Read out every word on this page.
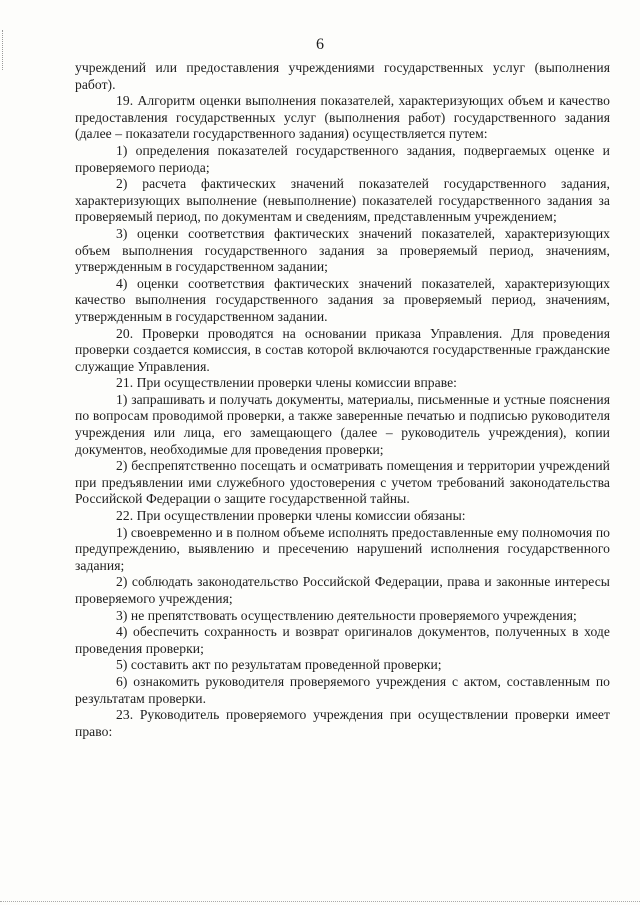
6

учреждений или предоставления учреждениями государственных услуг (выполнения работ).

19. Алгоритм оценки выполнения показателей, характеризующих объем и качество предоставления государственных услуг (выполнения работ) государственного задания (далее – показатели государственного задания) осуществляется путем:

1) определения показателей государственного задания, подвергаемых оценке и проверяемого периода;

2) расчета фактических значений показателей государственного задания, характеризующих выполнение (невыполнение) показателей государственного задания за проверяемый период, по документам и сведениям, представленным учреждением;

3) оценки соответствия фактических значений показателей, характеризующих объем выполнения государственного задания за проверяемый период, значениям, утвержденным в государственном задании;

4) оценки соответствия фактических значений показателей, характеризующих качество выполнения государственного задания за проверяемый период, значениям, утвержденным в государственном задании.

20. Проверки проводятся на основании приказа Управления. Для проведения проверки создается комиссия, в состав которой включаются государственные гражданские служащие Управления.

21. При осуществлении проверки члены комиссии вправе:

1) запрашивать и получать документы, материалы, письменные и устные пояснения по вопросам проводимой проверки, а также заверенные печатью и подписью руководителя учреждения или лица, его замещающего (далее – руководитель учреждения), копии документов, необходимые для проведения проверки;

2) беспрепятственно посещать и осматривать помещения и территории учреждений при предъявлении ими служебного удостоверения с учетом требований законодательства Российской Федерации о защите государственной тайны.

22. При осуществлении проверки члены комиссии обязаны:

1) своевременно и в полном объеме исполнять предоставленные ему полномочия по предупреждению, выявлению и пресечению нарушений исполнения государственного задания;

2) соблюдать законодательство Российской Федерации, права и законные интересы проверяемого учреждения;

3) не препятствовать осуществлению деятельности проверяемого учреждения;

4) обеспечить сохранность и возврат оригиналов документов, полученных в ходе проведения проверки;

5) составить акт по результатам проведенной проверки;

6) ознакомить руководителя проверяемого учреждения с актом, составленным по результатам проверки.

23. Руководитель проверяемого учреждения при осуществлении проверки имеет право:
